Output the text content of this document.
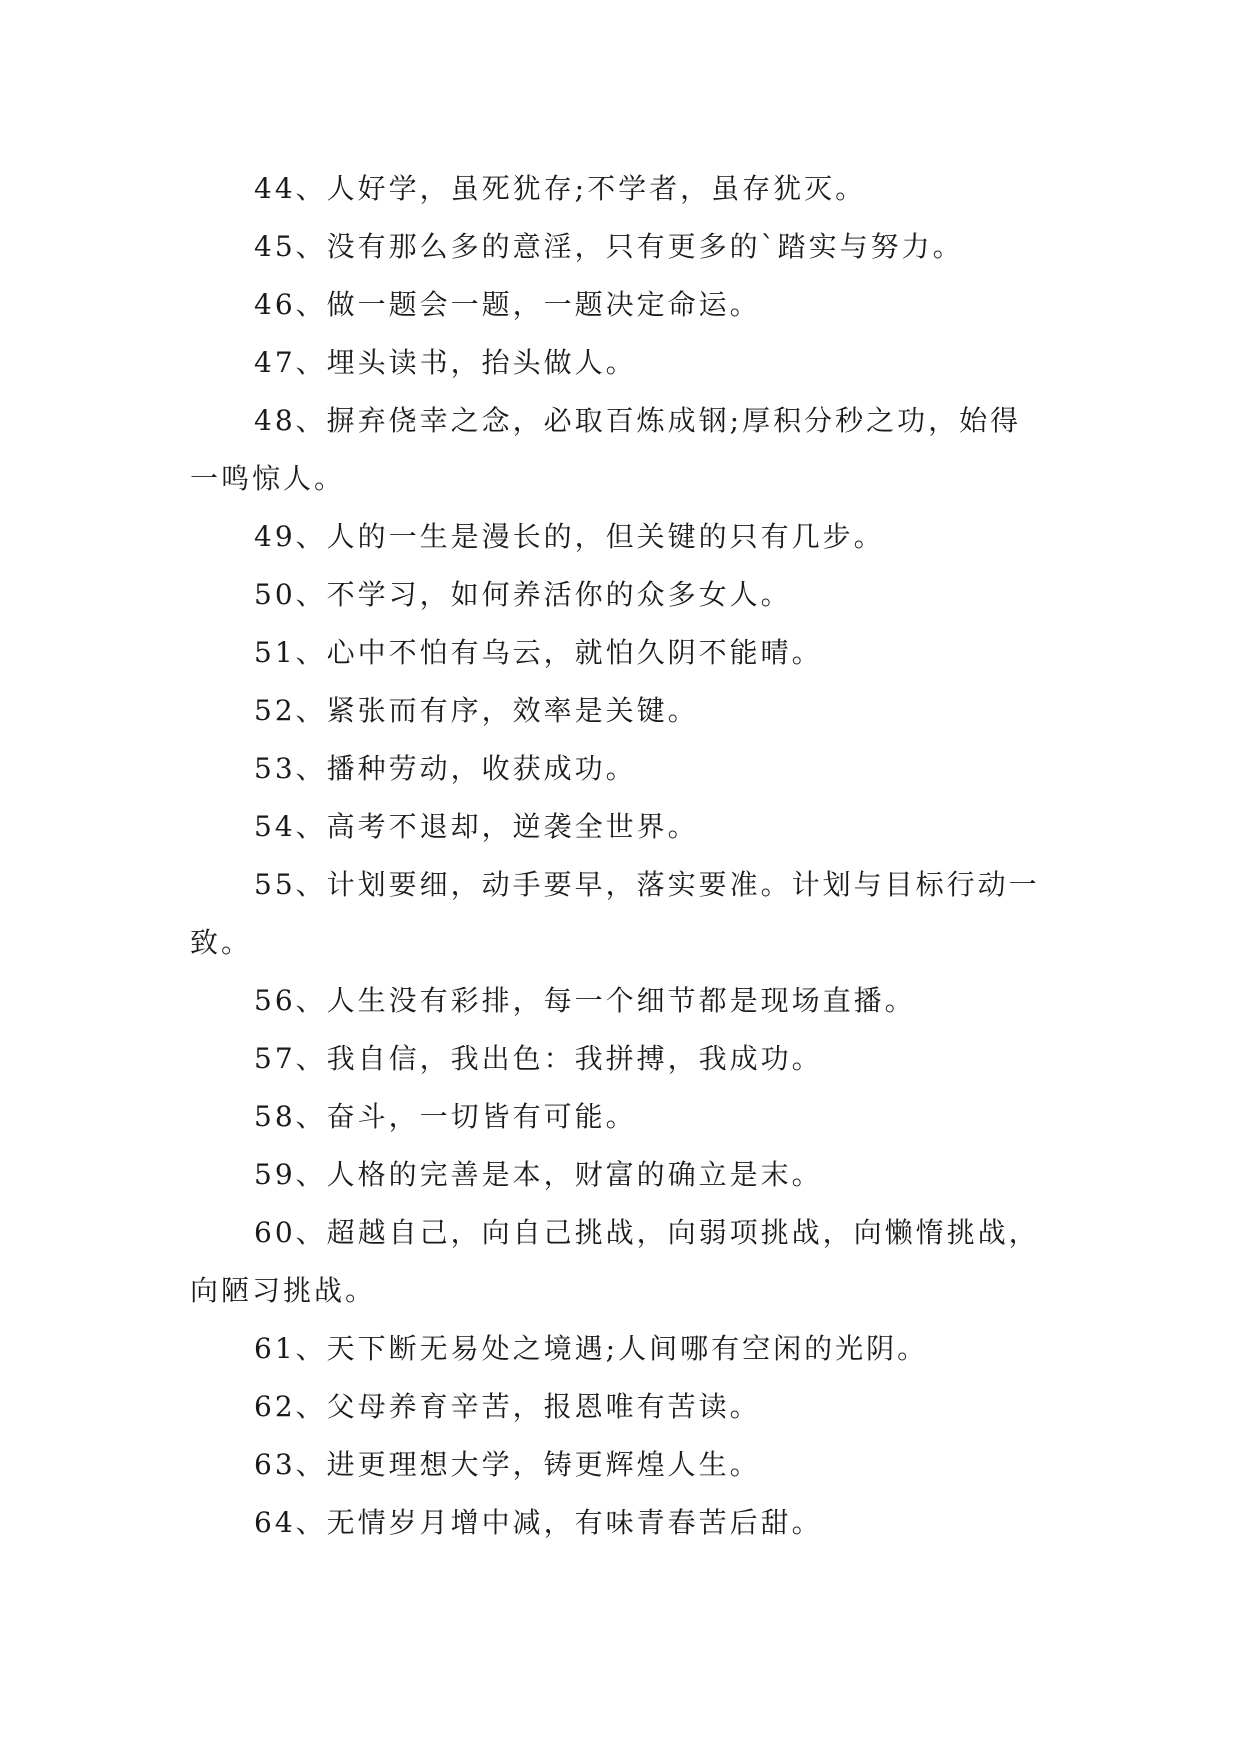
44、人好学，虽死犹存;不学者，虽存犹灭。

45、没有那么多的意淫，只有更多的`踏实与努力。

46、做一题会一题，一题决定命运。

47、埋头读书，抬头做人。

48、摒弃侥幸之念，必取百炼成钢;厚积分秒之功，始得一鸣惊人。

49、人的一生是漫长的，但关键的只有几步。

50、不学习，如何养活你的众多女人。

51、心中不怕有乌云，就怕久阴不能晴。

52、紧张而有序，效率是关键。

53、播种劳动，收获成功。

54、高考不退却，逆袭全世界。

55、计划要细，动手要早，落实要准。计划与目标行动一致。

56、人生没有彩排，每一个细节都是现场直播。

57、我自信，我出色：我拼搏，我成功。

58、奋斗，一切皆有可能。

59、人格的完善是本，财富的确立是末。

60、超越自己，向自己挑战，向弱项挑战，向懒惰挑战，向陋习挑战。

61、天下断无易处之境遇;人间哪有空闲的光阴。

62、父母养育辛苦，报恩唯有苦读。

63、进更理想大学，铸更辉煌人生。

64、无情岁月增中减，有味青春苦后甜。
